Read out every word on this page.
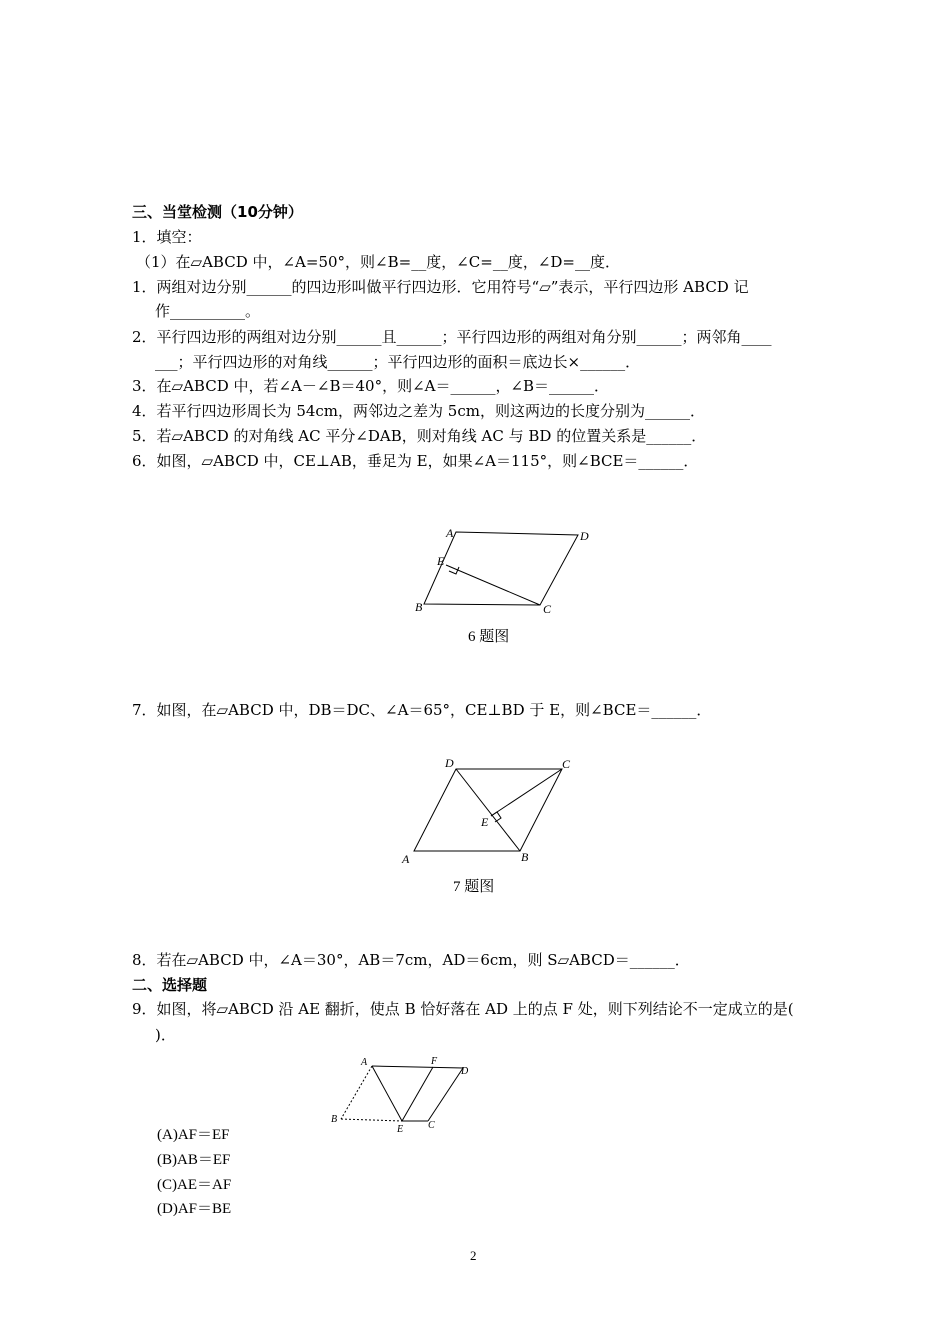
三、当堂检测（10分钟）
1．填空：
（1）在▱ABCD 中，∠A=50°，则∠B=__度，∠C=__度，∠D=__度．
1．两组对边分别______的四边形叫做平行四边形．它用符号“▱”表示，平行四边形 ABCD 记
作__________。
2．平行四边形的两组对边分别______且______；平行四边形的两组对角分别______；两邻角____
___；平行四边形的对角线______；平行四边形的面积＝底边长×______．
3．在▱ABCD 中，若∠A－∠B＝40°，则∠A＝______，∠B＝______．
4．若平行四边形周长为 54cm，两邻边之差为 5cm，则这两边的长度分别为______．
5．若▱ABCD 的对角线 AC 平分∠DAB，则对角线 AC 与 BD 的位置关系是______．
6．如图，▱ABCD 中，CE⊥AB，垂足为 E，如果∠A＝115°，则∠BCE＝______．
A	D
E
B	C
6 题图
7．如图，在▱ABCD 中，DB＝DC、∠A＝65°，CE⊥BD 于 E，则∠BCE＝______．
D	C
E
A	B
7 题图
8．若在▱ABCD 中，∠A＝30°，AB＝7cm，AD＝6cm，则 S▱ABCD＝______．
二、选择题
9．如图，将▱ABCD 沿 AE 翻折，使点 B 恰好落在 AD 上的点 F 处，则下列结论不一定成立的是(
)．
A	F
D
B
E C
(A)AF＝EF
(B)AB＝EF
(C)AE＝AF
(D)AF＝BE
2
